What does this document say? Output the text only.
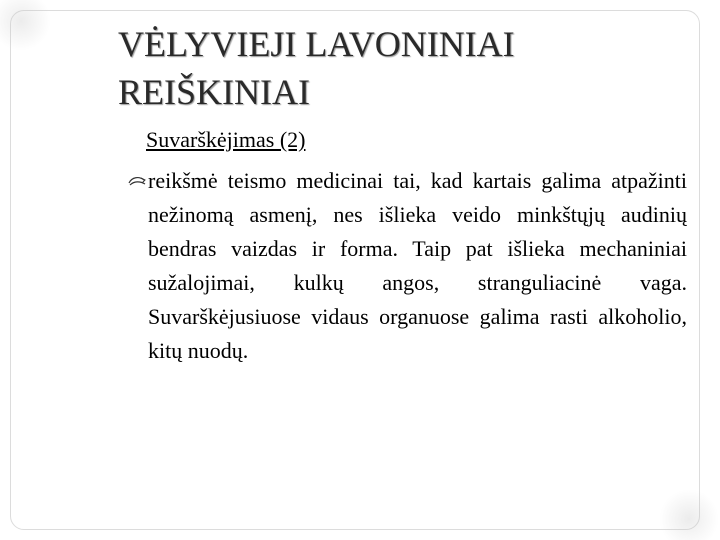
VĖLYVIEJI LAVONINIAI
REIŠKINIAI
Suvarškėjimas (2)

reikšmė teismo medicinai tai, kad kartais galima atpažinti nežinomą asmenį, nes išlieka veido minkštųjų audinių bendras vaizdas ir forma. Taip pat išlieka mechaniniai sužalojimai, kulkų angos, stranguliacinė vaga. Suvarškėjusiuose vidaus organuose galima rasti alkoholio, kitų nuodų.
